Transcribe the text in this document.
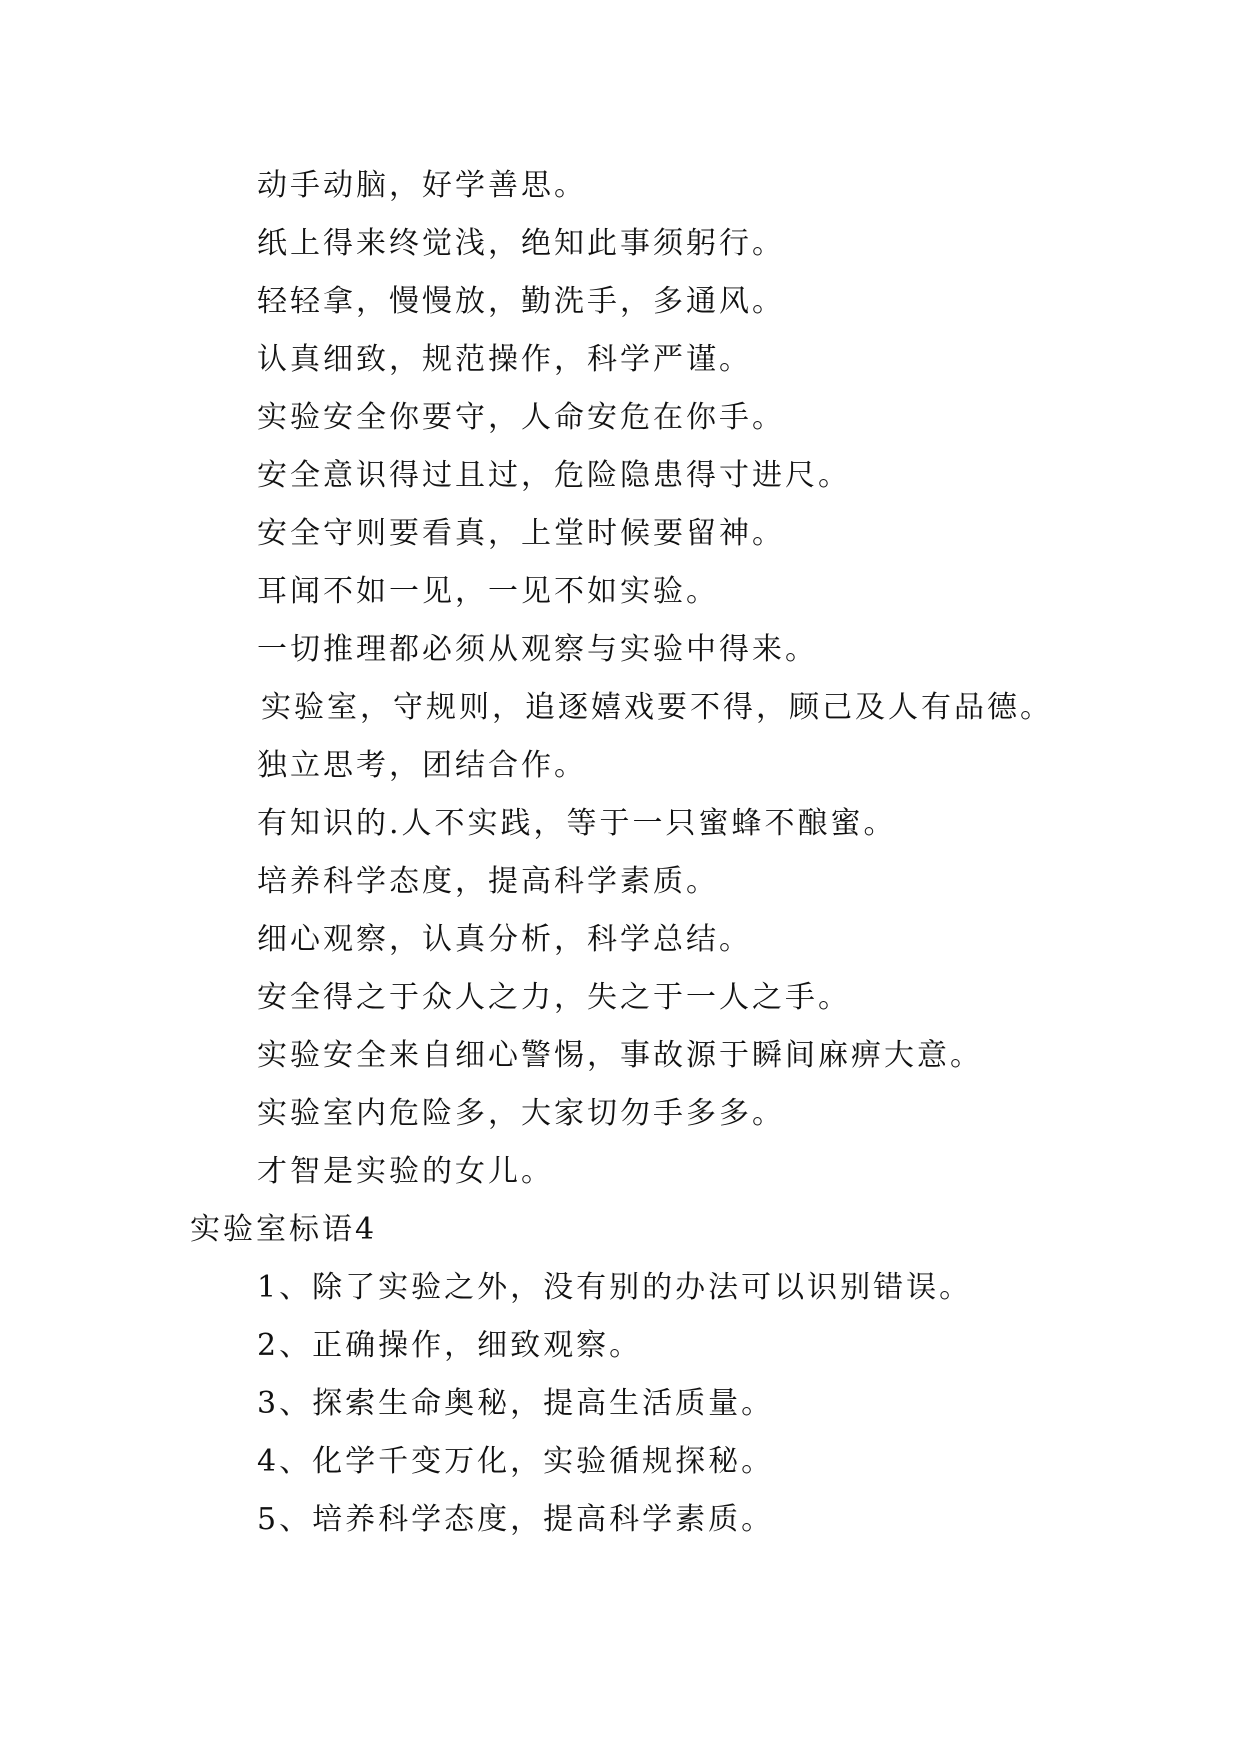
动手动脑，好学善思。
纸上得来终觉浅，绝知此事须躬行。
轻轻拿，慢慢放，勤洗手，多通风。
认真细致，规范操作，科学严谨。
实验安全你要守，人命安危在你手。
安全意识得过且过，危险隐患得寸进尺。
安全守则要看真，上堂时候要留神。
耳闻不如一见，一见不如实验。
一切推理都必须从观察与实验中得来。
实验室，守规则，追逐嬉戏要不得，顾己及人有品德。
独立思考，团结合作。
有知识的.人不实践，等于一只蜜蜂不酿蜜。
培养科学态度，提高科学素质。
细心观察，认真分析，科学总结。
安全得之于众人之力，失之于一人之手。
实验安全来自细心警惕，事故源于瞬间麻痹大意。
实验室内危险多，大家切勿手多多。
才智是实验的女儿。
实验室标语4
1、除了实验之外，没有别的办法可以识别错误。
2、正确操作，细致观察。
3、探索生命奥秘，提高生活质量。
4、化学千变万化，实验循规探秘。
5、培养科学态度，提高科学素质。
